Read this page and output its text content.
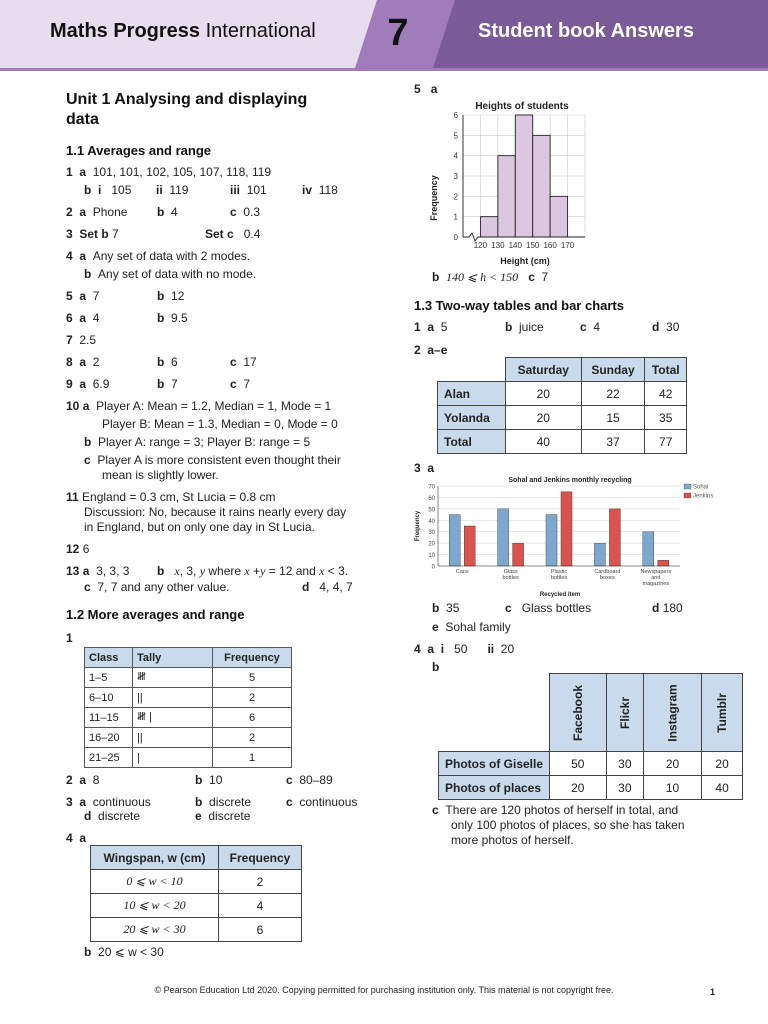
Maths Progress International 7	Student book Answers
Unit 1 Analysing and displaying
data
1.1 Averages and range
1 a 101, 101, 102, 105, 107, 118, 119
b i 105 ii 119	iii 101	iv 118
2 a Phone b 4	c 0.3
3 Set b 7	Set c 0.4
4 a Any set of data with 2 modes.
b Any set of data with no mode.
5 a 7	b 12
6 a 4	b 9.5
7 2.5
8 a 2	b 6	c 17
9 a 6.9	b 7	c 7
10 a Player A: Mean = 1.2, Median = 1, Mode = 1
Player B: Mean = 1.3, Median = 0, Mode = 0
b Player A: range = 3; Player B: range = 5
c Player A is more consistent even thought their
mean is slightly lower.
11 England = 0.3 cm, St Lucia = 0.8 cm
Discussion: No, because it rains nearly every day
in England, but on only one day in St Lucia.
12 6
13 a 3, 3, 3 b x, 3, y where x +y = 12 and x < 3.
c 7, 7 and any other value.	d 4, 4, 7
1.2 More averages and range
1
Class	Tally	Frequency
1–5	𝍸	5
6–10	||	2
11–15	𝍸 |	6
16–20	||	2
21–25	|	1
2 a 8	b 10	c 80–89
3 a continuous	b discrete	c continuous
d discrete	e discrete
4 a
Wingspan, w (cm)	Frequency
0 ⩽ w < 10	2
10 ⩽ w < 20	4
20 ⩽ w < 30	6
b 20 ⩽ w < 30
5 a
Heights of students
Frequency
Height (cm)
0
1
2
3
4
5
6
120 130 140 150 160 170
b 140 ⩽ h < 150 c 7
1.3 Two-way tables and bar charts
1 a 5	b juice	c 4	d 30
2 a–e
	Saturday	Sunday	Total
Alan	20	22	42
Yolanda	20	15	35
Total	40	37	77
3 a
Sohal and Jenkins monthly recycling
Frequency
Recycled item
0
10
20
30
40
50
60
70
Cans	Glass bottles
Plastic bottles
Cardboard boxes
Newspapers and magazines
Sohal
Jenkins
b 35	c Glass bottles	d 180
e Sohal family
4 a i 50 ii 20
b

	Facebook	Flickr	Instagram	Tumblr

Photos of Giselle	50	30	20	20
Photos of places	20	30	10	40
c There are 120 photos of herself in total, and
only 100 photos of places, so she has taken
more photos of herself.
© Pearson Education Ltd 2020. Copying permitted for purchasing institution only. This material is not copyright free.	1
